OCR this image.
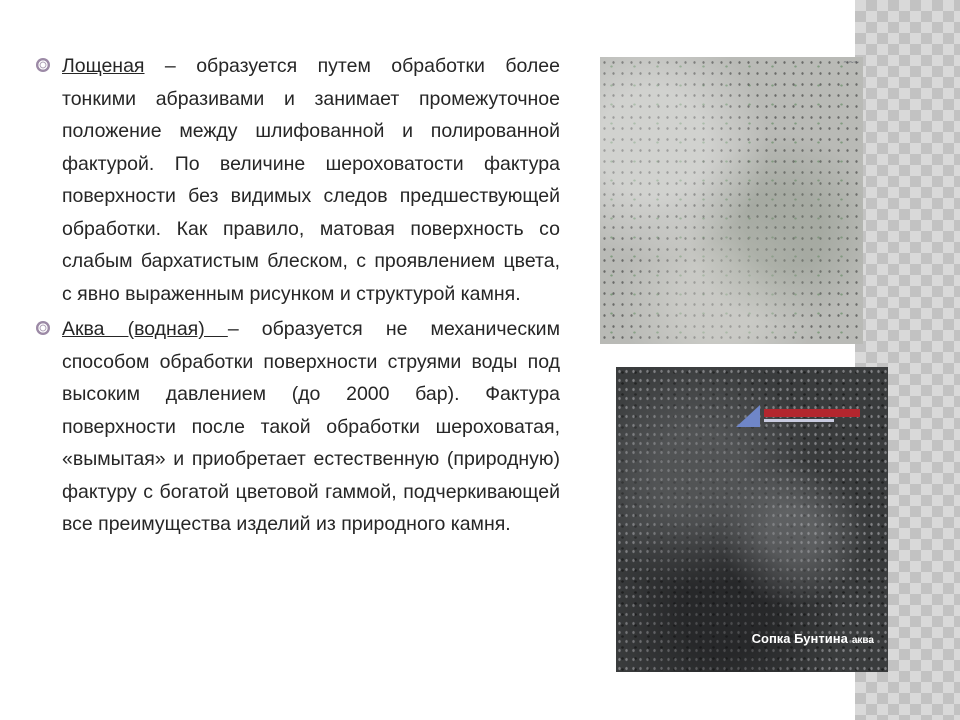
Лощеная – образуется путем обработки более тонкими абразивами и занимает промежуточное положение между шлифованной и полированной фактурой. По величине шероховатости фактура поверхности без видимых следов предшествующей обработки. Как правило, матовая поверхность со слабым бархатистым блеском, с проявлением цвета, с явно выраженным рисунком и структурой камня.

Аква (водная) – образуется не механическим способом обработки поверхности струями воды под высоким давлением (до 2000 бар). Фактура поверхности после такой обработки шероховатая, «вымытая» и приобретает естественную (природную) фактуру с богатой цветовой гаммой, подчеркивающей все преимущества изделий из природного камня.

~~~
Сопка Бунтина аква
